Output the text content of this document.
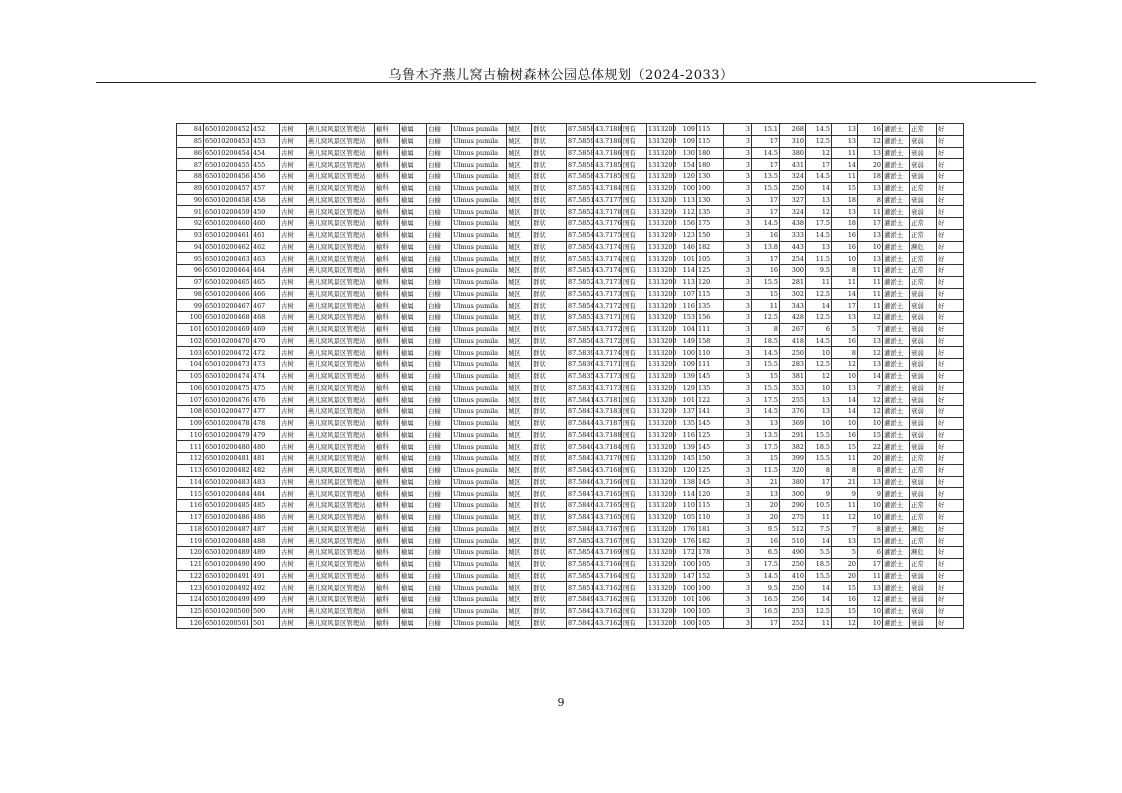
乌鲁木齐燕儿窝古榆树森林公园总体规划（2024-2033）
84	65010200452	452	古树	燕儿窝风景区管理站	榆科	榆属	白榆	Ulmus pumila	城区	群状	87.5858	43.7188	国有	1313200	109	115	3	15.1	268	14.5	13	16	灌淤土	正常	好
85	65010200453	453	古树	燕儿窝风景区管理站	榆科	榆属	白榆	Ulmus pumila	城区	群状	87.5859	43.7186	国有	1313200	109	115	3	17	310	12.5	13	12	灌淤土	衰弱	好
86	65010200454	454	古树	燕儿窝风景区管理站	榆科	榆属	白榆	Ulmus pumila	城区	群状	87.5858	43.7186	国有	1313200	130	180	3	14.5	380	12	11	13	灌淤土	衰弱	好
87	65010200455	455	古树	燕儿窝风景区管理站	榆科	榆属	白榆	Ulmus pumila	城区	群状	87.5858	43.7185	国有	1313200	154	180	3	17	431	17	14	20	灌淤土	衰弱	好
88	65010200456	456	古树	燕儿窝风景区管理站	榆科	榆属	白榆	Ulmus pumila	城区	群状	87.5858	43.7185	国有	1313200	120	130	3	13.5	324	14.5	11	18	灌淤土	衰弱	好
89	65010200457	457	古树	燕儿窝风景区管理站	榆科	榆属	白榆	Ulmus pumila	城区	群状	87.5857	43.7184	国有	1313200	100	100	3	15.5	250	14	15	13	灌淤土	正常	好
90	65010200458	458	古树	燕儿窝风景区管理站	榆科	榆属	白榆	Ulmus pumila	城区	群状	87.5851	43.7177	国有	1313200	113	130	3	17	327	13	18	8	灌淤土	衰弱	好
91	65010200459	459	古树	燕儿窝风景区管理站	榆科	榆属	白榆	Ulmus pumila	城区	群状	87.5852	43.7178	国有	1313200	112	135	3	17	324	12	13	11	灌淤土	衰弱	好
92	65010200460	460	古树	燕儿窝风景区管理站	榆科	榆属	白榆	Ulmus pumila	城区	群状	87.5852	43.7176	国有	1313200	156	175	3	14.5	438	17.5	18	17	灌淤土	正常	好
93	65010200461	461	古树	燕儿窝风景区管理站	榆科	榆属	白榆	Ulmus pumila	城区	群状	87.5854	43.7175	国有	1313200	123	150	3	16	333	14.5	16	13	灌淤土	正常	好
94	65010200462	462	古树	燕儿窝风景区管理站	榆科	榆属	白榆	Ulmus pumila	城区	群状	87.5856	43.7174	国有	1313200	146	182	3	13.8	443	13	16	10	灌淤土	濒危	好
95	65010200463	463	古树	燕儿窝风景区管理站	榆科	榆属	白榆	Ulmus pumila	城区	群状	87.5853	43.7174	国有	1313200	101	105	3	17	254	11.5	10	13	灌淤土	正常	好
96	65010200464	464	古树	燕儿窝风景区管理站	榆科	榆属	白榆	Ulmus pumila	城区	群状	87.5851	43.7174	国有	1313200	114	125	3	16	300	9.5	8	11	灌淤土	正常	好
97	65010200465	465	古树	燕儿窝风景区管理站	榆科	榆属	白榆	Ulmus pumila	城区	群状	87.5852	43.7173	国有	1313200	113	120	3	15.5	281	11	11	11	灌淤土	正常	好
98	65010200466	466	古树	燕儿窝风景区管理站	榆科	榆属	白榆	Ulmus pumila	城区	群状	87.5852	43.7173	国有	1313200	107	115	3	15	302	12.5	14	11	灌淤土	衰弱	好
99	65010200467	467	古树	燕儿窝风景区管理站	榆科	榆属	白榆	Ulmus pumila	城区	群状	87.5854	43.7172	国有	1313200	116	135	3	11	343	14	17	11	灌淤土	衰弱	好
100	65010200468	468	古树	燕儿窝风景区管理站	榆科	榆属	白榆	Ulmus pumila	城区	群状	87.5853	43.7171	国有	1313200	153	156	3	12.5	428	12.5	13	12	灌淤土	衰弱	好
101	65010200469	469	古树	燕儿窝风景区管理站	榆科	榆属	白榆	Ulmus pumila	城区	群状	87.5851	43.7172	国有	1313200	104	111	3	8	267	6	5	7	灌淤土	衰弱	好
102	65010200470	470	古树	燕儿窝风景区管理站	榆科	榆属	白榆	Ulmus pumila	城区	群状	87.5850	43.7172	国有	1313200	149	158	3	18.5	418	14.5	16	13	灌淤土	衰弱	好
103	65010200472	472	古树	燕儿窝风景区管理站	榆科	榆属	白榆	Ulmus pumila	城区	群状	87.5839	43.7174	国有	1313200	100	110	3	14.5	250	10	8	12	灌淤土	衰弱	好
104	65010200473	473	古树	燕儿窝风景区管理站	榆科	榆属	白榆	Ulmus pumila	城区	群状	87.5836	43.7171	国有	1313200	109	111	3	15.5	283	12.5	12	13	灌淤土	衰弱	好
105	65010200474	474	古树	燕儿窝风景区管理站	榆科	榆属	白榆	Ulmus pumila	城区	群状	87.5835	43.7173	国有	1313200	139	145	3	15	381	12	10	14	灌淤土	衰弱	好
106	65010200475	475	古树	燕儿窝风景区管理站	榆科	榆属	白榆	Ulmus pumila	城区	群状	87.5835	43.7173	国有	1313200	129	135	3	15.5	353	10	13	7	灌淤土	衰弱	好
107	65010200476	476	古树	燕儿窝风景区管理站	榆科	榆属	白榆	Ulmus pumila	城区	群状	87.5841	43.7181	国有	1313200	101	122	3	17.5	255	13	14	12	灌淤土	衰弱	好
108	65010200477	477	古树	燕儿窝风景区管理站	榆科	榆属	白榆	Ulmus pumila	城区	群状	87.5843	43.7183	国有	1313200	137	141	3	14.5	376	13	14	12	灌淤土	衰弱	好
109	65010200478	478	古树	燕儿窝风景区管理站	榆科	榆属	白榆	Ulmus pumila	城区	群状	87.5844	43.7187	国有	1313200	135	145	3	13	369	10	10	10	灌淤土	衰弱	好
110	65010200479	479	古树	燕儿窝风景区管理站	榆科	榆属	白榆	Ulmus pumila	城区	群状	87.5840	43.7188	国有	1313200	116	125	3	13.5	291	15.5	16	15	灌淤土	衰弱	好
111	65010200480	480	古树	燕儿窝风景区管理站	榆科	榆属	白榆	Ulmus pumila	城区	群状	87.5840	43.7184	国有	1313200	139	145	3	17.5	382	18.5	15	22	灌淤土	衰弱	好
112	65010200481	481	古树	燕儿窝风景区管理站	榆科	榆属	白榆	Ulmus pumila	城区	群状	87.5843	43.7170	国有	1313200	145	150	3	15	399	15.5	11	20	灌淤土	正常	好
113	65010200482	482	古树	燕儿窝风景区管理站	榆科	榆属	白榆	Ulmus pumila	城区	群状	87.5842	43.7168	国有	1313200	120	125	3	11.5	320	8	8	8	灌淤土	正常	好
114	65010200483	483	古树	燕儿窝风景区管理站	榆科	榆属	白榆	Ulmus pumila	城区	群状	87.5846	43.7166	国有	1313200	138	145	3	21	380	17	21	13	灌淤土	衰弱	好
115	65010200484	484	古树	燕儿窝风景区管理站	榆科	榆属	白榆	Ulmus pumila	城区	群状	87.5847	43.7165	国有	1313200	114	120	3	13	300	9	9	9	灌淤土	衰弱	好
116	65010200485	485	古树	燕儿窝风景区管理站	榆科	榆属	白榆	Ulmus pumila	城区	群状	87.5846	43.7165	国有	1313200	110	115	3	20	290	10.5	11	10	灌淤土	正常	好
117	65010200486	486	古树	燕儿窝风景区管理站	榆科	榆属	白榆	Ulmus pumila	城区	群状	87.5847	43.7165	国有	1313200	105	110	3	20	275	11	12	10	灌淤土	正常	好
118	65010200487	487	古树	燕儿窝风景区管理站	榆科	榆属	白榆	Ulmus pumila	城区	群状	87.5848	43.7167	国有	1313200	176	181	3	9.5	512	7.5	7	8	灌淤土	濒危	好
119	65010200488	488	古树	燕儿窝风景区管理站	榆科	榆属	白榆	Ulmus pumila	城区	群状	87.5852	43.7167	国有	1313200	176	182	3	16	510	14	13	15	灌淤土	正常	好
120	65010200489	489	古树	燕儿窝风景区管理站	榆科	榆属	白榆	Ulmus pumila	城区	群状	87.5854	43.7169	国有	1313200	172	178	3	6.5	490	5.5	5	6	灌淤土	濒危	好
121	65010200490	490	古树	燕儿窝风景区管理站	榆科	榆属	白榆	Ulmus pumila	城区	群状	87.5854	43.7166	国有	1313200	100	105	3	17.5	250	18.5	20	17	灌淤土	正常	好
122	65010200491	491	古树	燕儿窝风景区管理站	榆科	榆属	白榆	Ulmus pumila	城区	群状	87.5854	43.7164	国有	1313200	147	152	3	14.5	410	15.5	20	11	灌淤土	衰弱	好
123	65010200492	492	古树	燕儿窝风景区管理站	榆科	榆属	白榆	Ulmus pumila	城区	群状	87.5851	43.7162	国有	1313200	100	100	3	9.5	250	14	15	13	灌淤土	衰弱	好
124	65010200499	499	古树	燕儿窝风景区管理站	榆科	榆属	白榆	Ulmus pumila	城区	群状	87.5849	43.7162	国有	1313200	101	106	3	16.5	256	14	16	12	灌淤土	衰弱	好
125	65010200500	500	古树	燕儿窝风景区管理站	榆科	榆属	白榆	Ulmus pumila	城区	群状	87.5842	43.7162	国有	1313200	100	105	3	16.5	253	12.5	15	10	灌淤土	衰弱	好
126	65010200501	501	古树	燕儿窝风景区管理站	榆科	榆属	白榆	Ulmus pumila	城区	群状	87.5842	43.7162	国有	1313200	100	105	3	17	252	11	12	10	灌淤土	衰弱	好
9
